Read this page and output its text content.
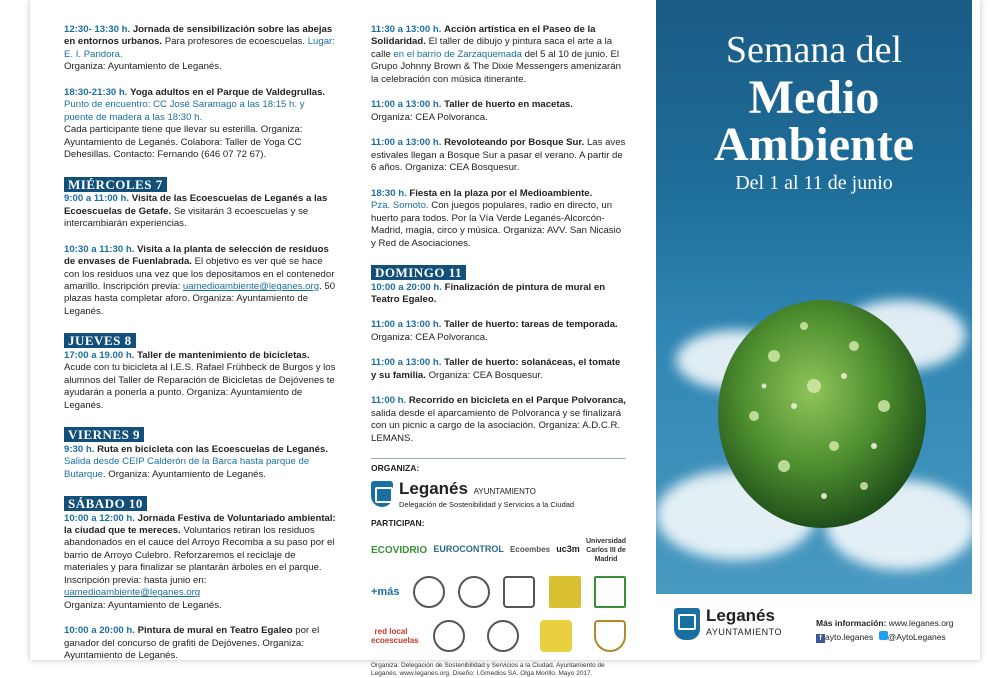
12:30- 13:30 h. Jornada de sensibilización sobre las abejas en entornos urbanos. Para profesores de ecoescuelas. Lugar: E. I. Pandora.

Organiza: Ayuntamiento de Leganés.

18:30-21:30 h. Yoga adultos en el Parque de Valdegrullas. Punto de encuentro: CC José Saramago a las 18:15 h. y puente de madera a las 18:30 h.

Cada participante tiene que llevar su esterilla. Organiza: Ayuntamiento de Leganés. Colabora: Taller de Yoga CC Dehesillas. Contacto: Fernando (646 07 72 67).

MIÉRCOLES 7

9:00 a 11:00 h. Visita de las Ecoescuelas de Leganés a las Ecoescuelas de Getafe. Se visitarán 3 ecoescuelas y se intercambiarán experiencias.

10:30 a 11:30 h. Visita a la planta de selección de residuos de envases de Fuenlabrada. El objetivo es ver qué se hace con los residuos una vez que los depositamos en el contenedor amarillo. Inscripción previa: uamedioambiente@leganes.org. 50 plazas hasta completar aforo. Organiza: Ayuntamiento de Leganés.

JUEVES 8

17:00 a 19.00 h. Taller de mantenimiento de bicicletas. Acude con tu bicicleta al I.E.S. Rafael Frühbeck de Burgos y los alumnos del Taller de Reparación de Bicicletas de Dejóvenes te ayudarán a ponerla a punto. Organiza: Ayuntamiento de Leganés.

VIERNES 9

9:30 h. Ruta en bicicleta con las Ecoescuelas de Leganés. Salida desde CEIP Calderón de la Barca hasta parque de Butarque. Organiza: Ayuntamiento de Leganés.

SÁBADO 10

10:00 a 12:00 h. Jornada Festiva de Voluntariado ambiental: la ciudad que te mereces. Voluntarios retiran los residuos abandonados en el cauce del Arroyo Recomba a su paso por el barrio de Arroyo Culebro. Reforzaremos el reciclaje de materiales y para finalizar se plantarán árboles en el parque. Inscripción previa: hasta junio en: uamedioambiente@leganes.org

Organiza: Ayuntamiento de Leganés.

10:00 a 20:00 h. Pintura de mural en Teatro Egaleo por el ganador del concurso de grafiti de Dejóvenes. Organiza: Ayuntamiento de Leganés.

11:30 a 13:00 h. Acción artística en el Paseo de la Solidaridad. El taller de dibujo y pintura saca el arte a la calle en el barrio de Zarzaquemada del 5 al 10 de junio. El Grupo Johnny Brown & The Dixie Messengers amenizarán la celebración con música itinerante.

11:00 a 13:00 h. Taller de huerto en macetas.

Organiza: CEA Polvoranca.

11:00 a 13:00 h. Revoloteando por Bosque Sur. Las aves estivales llegan a Bosque Sur a pasar el verano. A partir de 6 años. Organiza: CEA Bosquesur.

18:30 h. Fiesta en la plaza por el Medioambiente.

Pza. Somoto. Con juegos populares, radio en directo, un huerto para todos. Por la Vía Verde Leganés-Alcorcón-Madrid, magia, circo y música. Organiza: AVV. San Nicasio y Red de Asociaciones.

DOMINGO 11

10:00 a 20:00 h. Finalización de pintura de mural en Teatro Egaleo.

11:00 a 13:00 h. Taller de huerto: tareas de temporada.

Organiza: CEA Polvoranca.

11:00 a 13:00 h. Taller de huerto: solanáceas, el tomate y su familia. Organiza: CEA Bosquesur.

11:00 h. Recorrido en bicicleta en el Parque Polvoranca, salida desde el aparcamiento de Polvoranca y se finalizará con un picnic a cargo de la asociación. Organiza: A.D.C.R. LEMANS.

ORGANIZA:
Leganés AYUNTAMIENTO
Delegación de Sostenibilidad y Servicios a la Ciudad
PARTICIPAN:
ECOVIDRIO EUROCONTROL Ecoembes uc3m
Universidad Carlos III de Madrid
+más
red local ecoescuelas
Organiza: Delegación de Sostenibilidad y Servicios a la Ciudad. Ayuntamiento de Leganés. www.leganes.org. Diseño: I.Gmedios SA. Olga Morillo. Mayo 2017.
Semana del
Medio
Ambiente
Del 1 al 11 de junio
Leganés
AYUNTAMIENTO
Más información: www.leganes.org
f ayto.leganes @AytoLeganes
